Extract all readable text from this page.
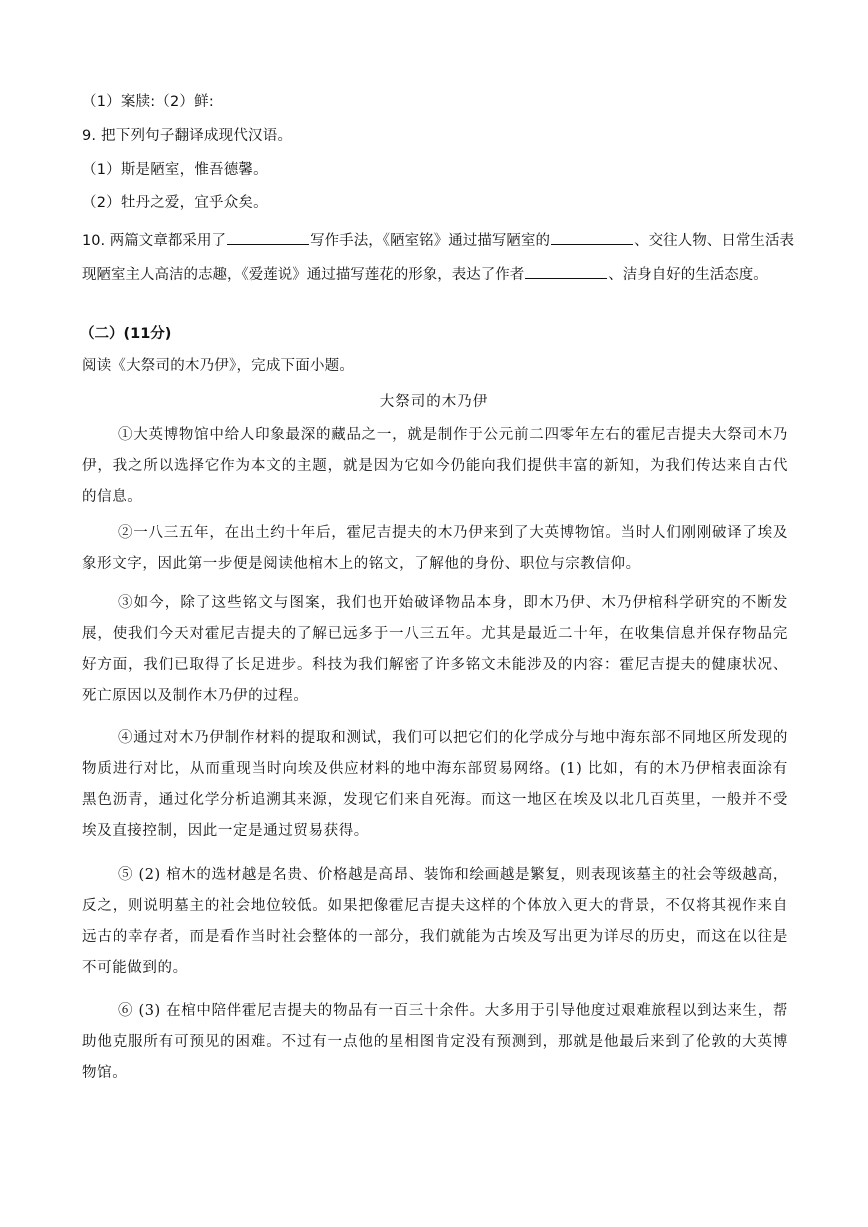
（1）案牍:（2）鲜:
9. 把下列句子翻译成现代汉语。
（1）斯是陋室，惟吾德馨。
（2）牡丹之爱，宜乎众矣。
10. 两篇文章都采用了	写作手法，《陋室铭》通过描写陋室的	、交往人物、日常生活表现陋室主人高洁的志趣，《爱莲说》通过描写莲花的形象，表达了作者	、洁身自好的生活态度。
（二）(11分)
阅读《大祭司的木乃伊》，完成下面小题。
大祭司的木乃伊
①大英博物馆中给人印象最深的藏品之一，就是制作于公元前二四零年左右的霍尼吉提夫大祭司木乃伊，我之所以选择它作为本文的主题，就是因为它如今仍能向我们提供丰富的新知，为我们传达来自古代的信息。
②一八三五年，在出土约十年后，霍尼吉提夫的木乃伊来到了大英博物馆。当时人们刚刚破译了埃及象形文字，因此第一步便是阅读他棺木上的铭文，了解他的身份、职位与宗教信仰。
③如今，除了这些铭文与图案，我们也开始破译物品本身，即木乃伊、木乃伊棺科学研究的不断发展，使我们今天对霍尼吉提夫的了解已远多于一八三五年。尤其是最近二十年，在收集信息并保存物品完好方面，我们已取得了长足进步。科技为我们解密了许多铭文未能涉及的内容：霍尼吉提夫的健康状况、死亡原因以及制作木乃伊的过程。
④通过对木乃伊制作材料的提取和测试，我们可以把它们的化学成分与地中海东部不同地区所发现的物质进行对比，从而重现当时向埃及供应材料的地中海东部贸易网络。(1) 比如，有的木乃伊棺表面涂有黑色沥青，通过化学分析追溯其来源，发现它们来自死海。而这一地区在埃及以北几百英里，一般并不受埃及直接控制，因此一定是通过贸易获得。
⑤ (2) 棺木的选材越是名贵、价格越是高昂、装饰和绘画越是繁复，则表现该墓主的社会等级越高，反之，则说明墓主的社会地位较低。如果把像霍尼吉提夫这样的个体放入更大的背景，不仅将其视作来自远古的幸存者，而是看作当时社会整体的一部分，我们就能为古埃及写出更为详尽的历史，而这在以往是不可能做到的。
⑥ (3) 在棺中陪伴霍尼吉提夫的物品有一百三十余件。大多用于引导他度过艰难旅程以到达来生，帮助他克服所有可预见的困难。不过有一点他的星相图肯定没有预测到，那就是他最后来到了伦敦的大英博物馆。
